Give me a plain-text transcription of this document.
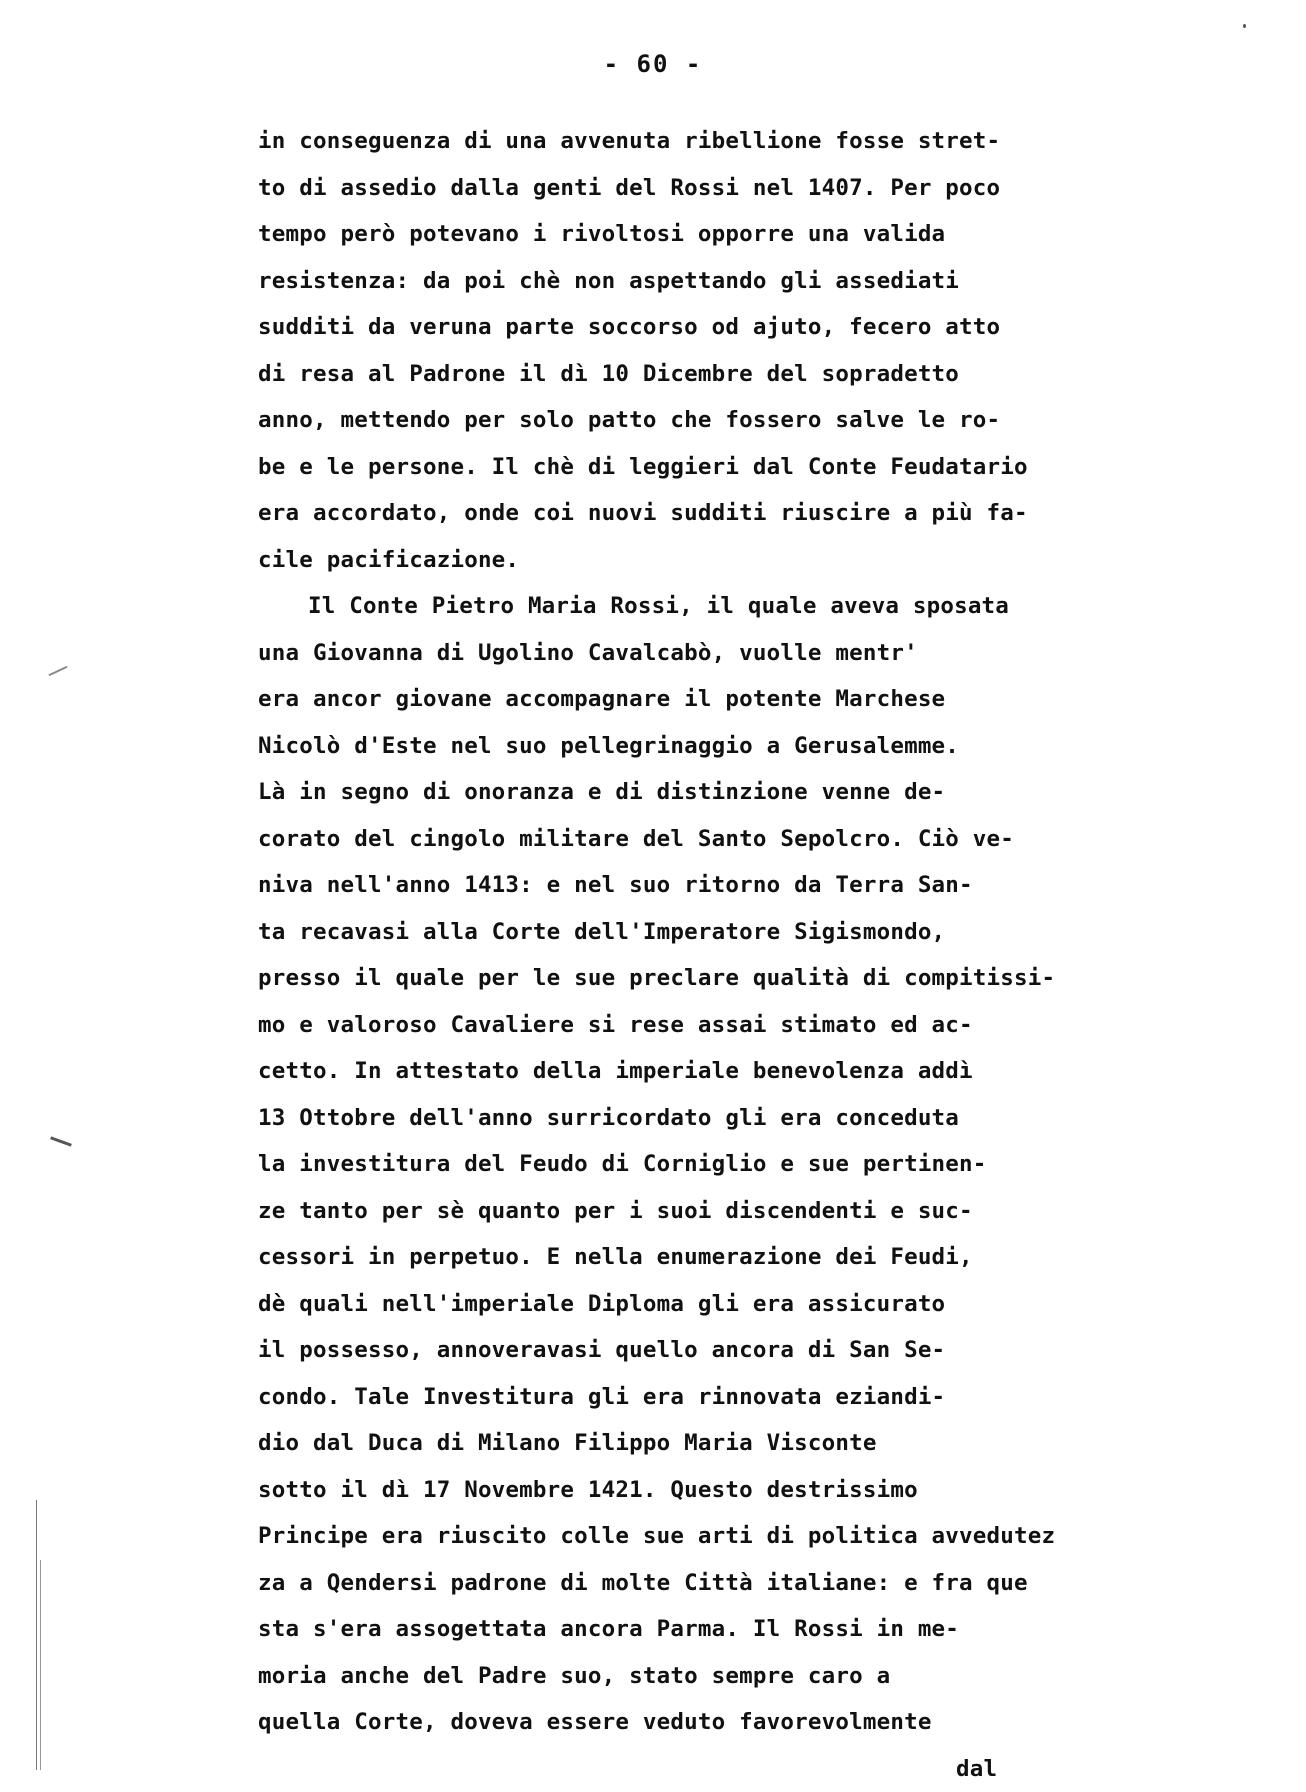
- 60 -
in conseguenza di una avvenuta ribellione fosse stret-
to di assedio dalla genti del Rossi nel 1407. Per poco
tempo però potevano i rivoltosi opporre una valida
resistenza: da poi chè non aspettando gli assediati
sudditi da veruna parte soccorso od ajuto, fecero atto
di resa al Padrone il dì 10 Dicembre del sopradetto
anno, mettendo per solo patto che fossero salve le ro-
be e le persone. Il chè di leggieri dal Conte Feudatario
era accordato, onde coi nuovi sudditi riuscire a più fa-
cile pacificazione.
Il Conte Pietro Maria Rossi, il quale aveva sposata
una Giovanna di Ugolino Cavalcabò, vuolle mentr'
era ancor giovane accompagnare il potente Marchese
Nicolò d'Este nel suo pellegrinaggio a Gerusalemme.
Là in segno di onoranza e di distinzione venne de-
corato del cingolo militare del Santo Sepolcro. Ciò ve-
niva nell'anno 1413: e nel suo ritorno da Terra San-
ta recavasi alla Corte dell'Imperatore Sigismondo,
presso il quale per le sue preclare qualità di compitissi-
mo e valoroso Cavaliere si rese assai stimato ed ac-
cetto. In attestato della imperiale benevolenza addì
13 Ottobre dell'anno surricordato gli era conceduta
la investitura del Feudo di Corniglio e sue pertinen-
ze tanto per sè quanto per i suoi discendenti e suc-
cessori in perpetuo. E nella enumerazione dei Feudi,
dè quali nell'imperiale Diploma gli era assicurato
il possesso, annoveravasi quello ancora di San Se-
condo. Tale Investitura gli era rinnovata eziandi-
dio dal Duca di Milano Filippo Maria Visconte
sotto il dì 17 Novembre 1421. Questo destrissimo
Principe era riuscito colle sue arti di politica avvedutez
za a Qendersi padrone di molte Città italiane: e fra que
sta s'era assogettata ancora Parma. Il Rossi in me-
moria anche del Padre suo, stato sempre caro a
quella Corte, doveva essere veduto favorevolmente
dal
